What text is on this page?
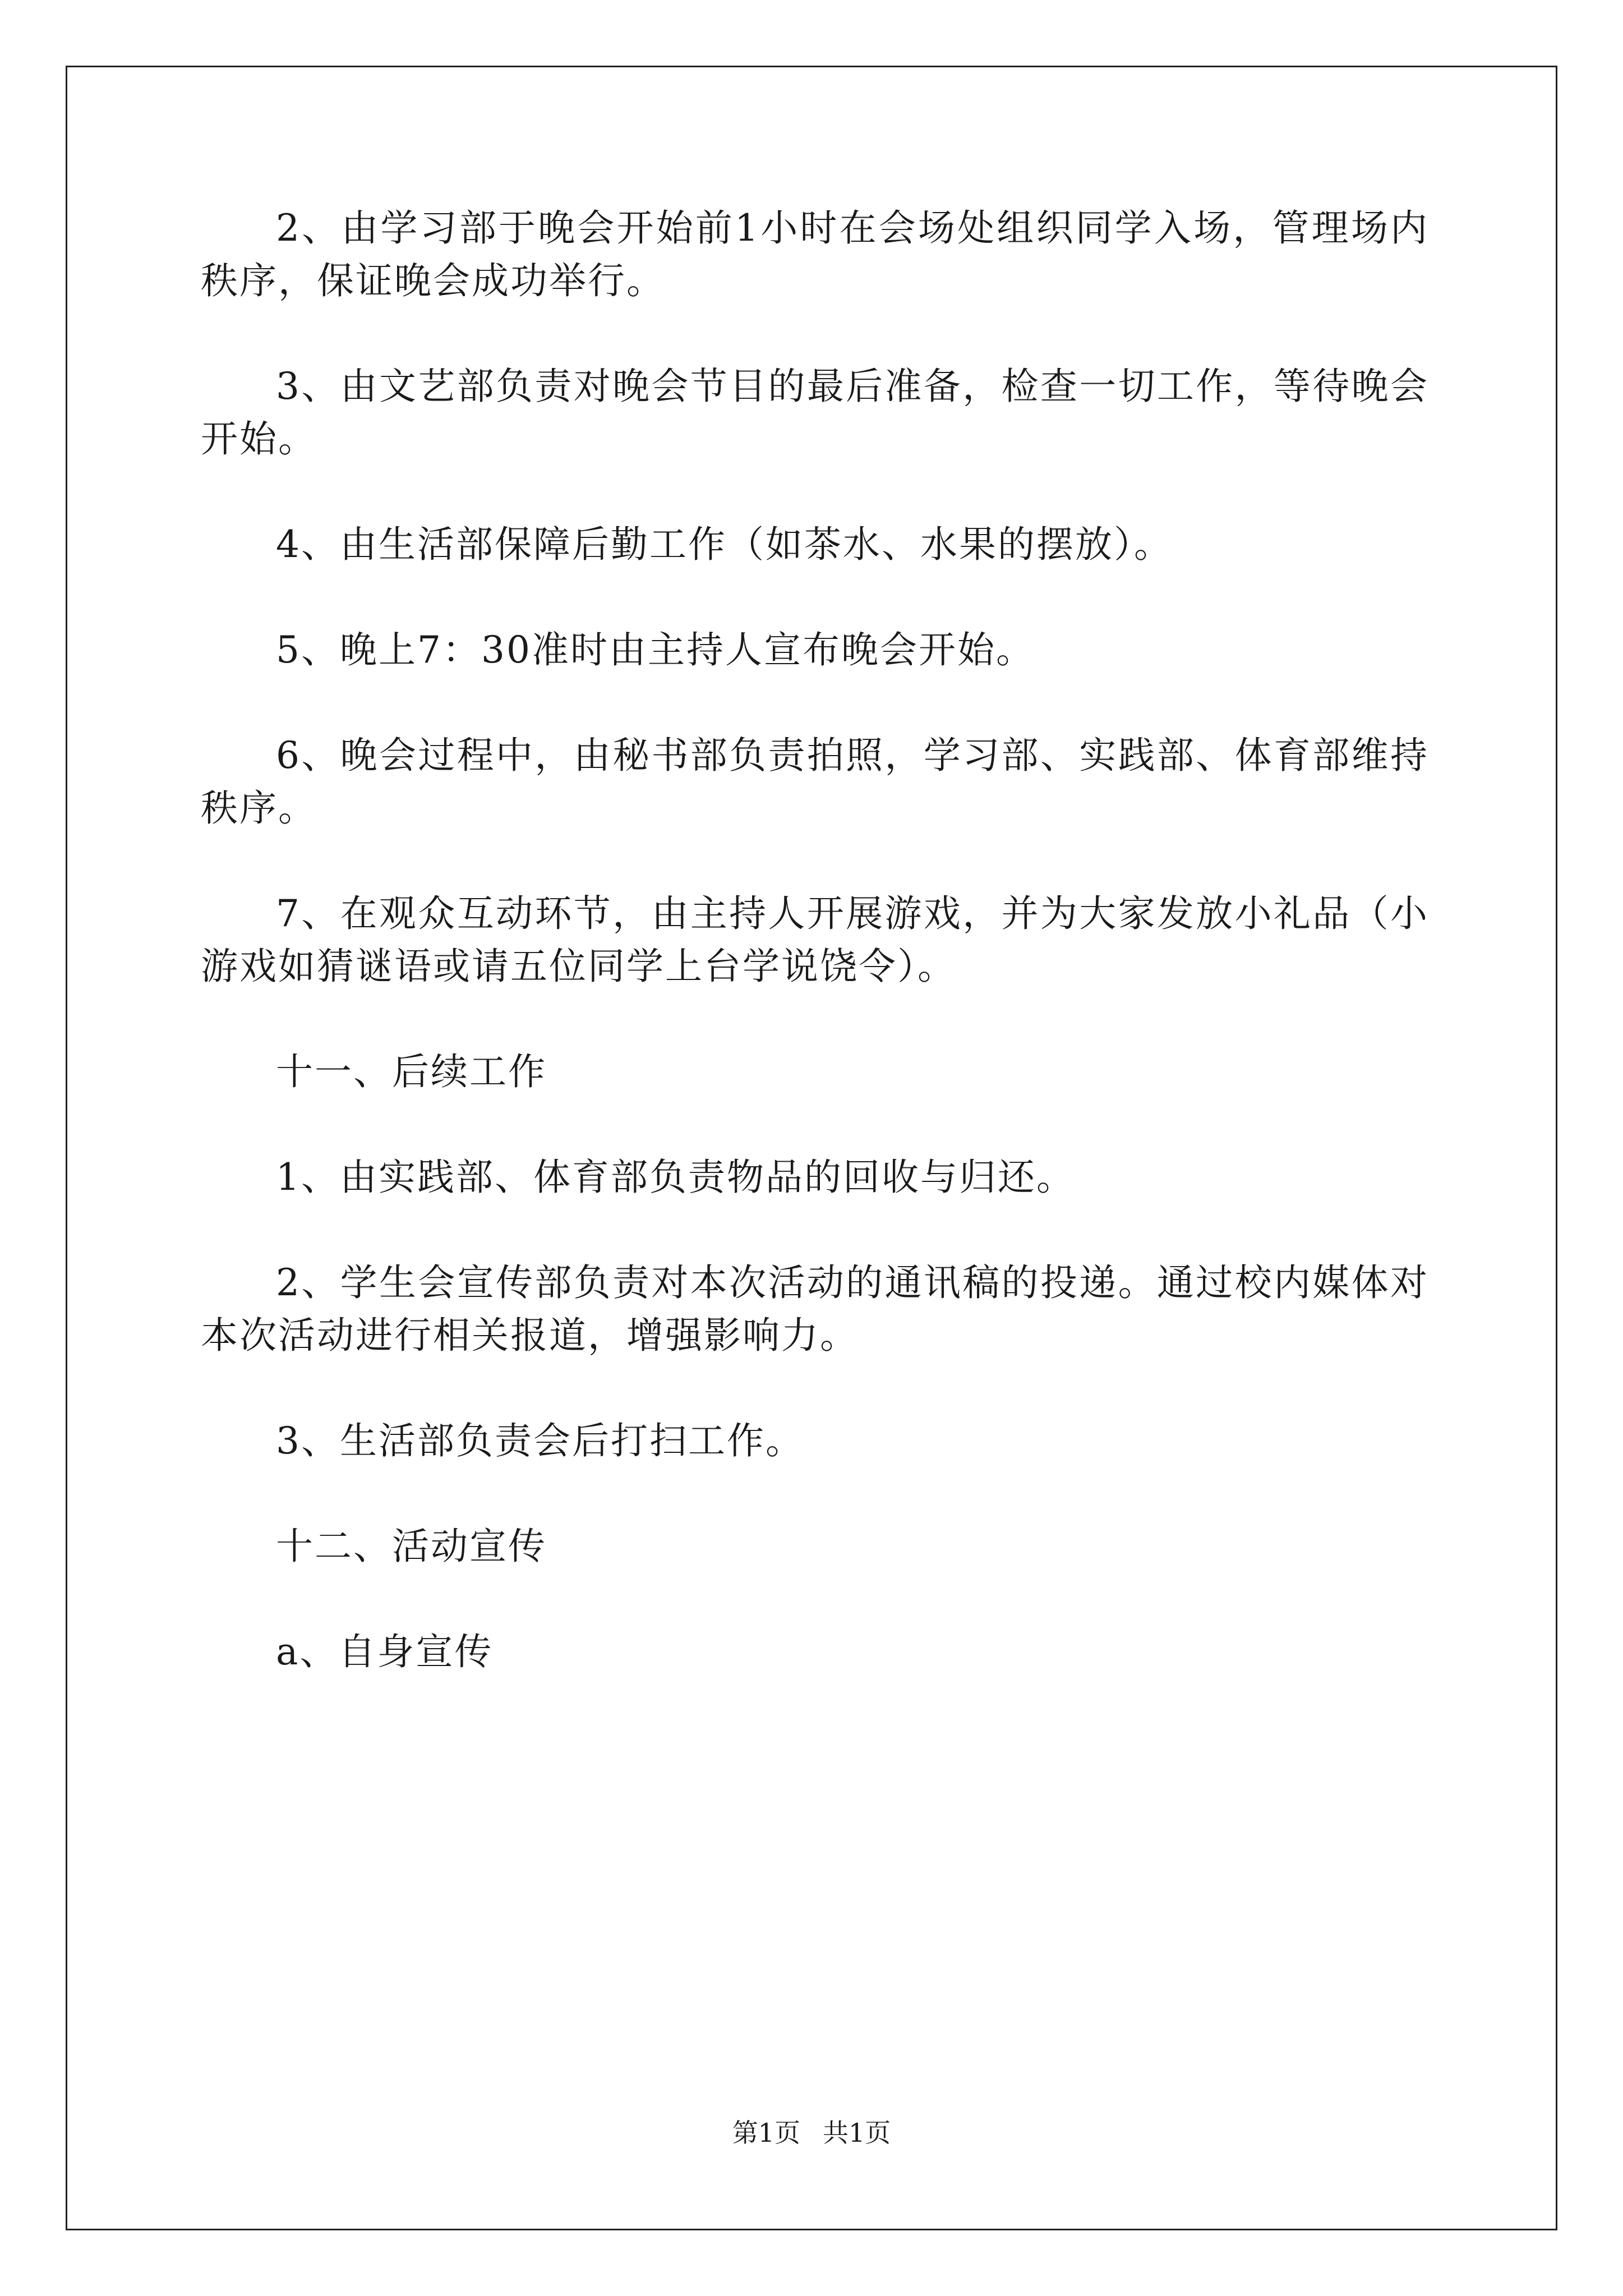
2、由学习部于晚会开始前1小时在会场处组织同学入场，管理场内秩序，保证晚会成功举行。

3、由文艺部负责对晚会节目的最后准备，检查一切工作，等待晚会开始。

4、由生活部保障后勤工作（如茶水、水果的摆放）。

5、晚上7：30准时由主持人宣布晚会开始。

6、晚会过程中，由秘书部负责拍照，学习部、实践部、体育部维持秩序。

7、在观众互动环节，由主持人开展游戏，并为大家发放小礼品（小游戏如猜谜语或请五位同学上台学说饶令）。

十一、后续工作

1、由实践部、体育部负责物品的回收与归还。

2、学生会宣传部负责对本次活动的通讯稿的投递。通过校内媒体对本次活动进行相关报道，增强影响力。

3、生活部负责会后打扫工作。

十二、活动宣传

a、自身宣传

第1页 共1页
